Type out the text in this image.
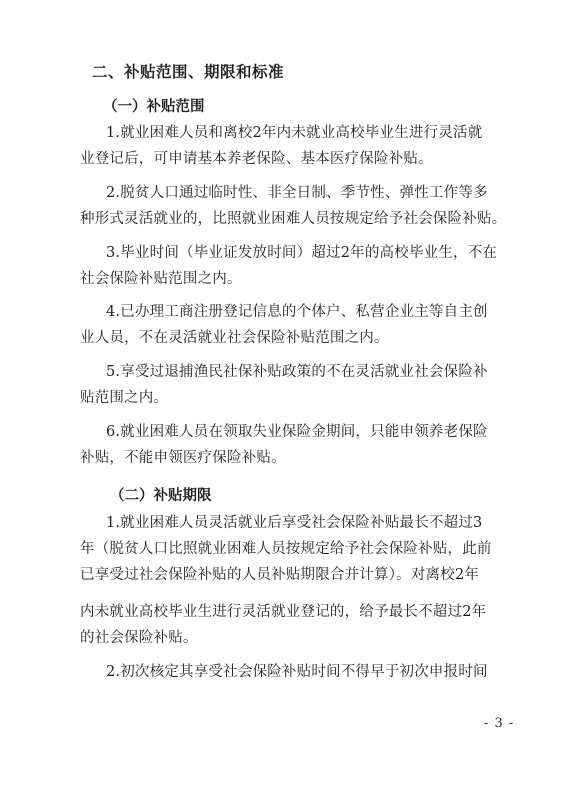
二、补贴范围、期限和标准
（一）补贴范围
1.就业困难人员和离校2年内未就业高校毕业生进行灵活就
业登记后，可申请基本养老保险、基本医疗保险补贴。
2.脱贫人口通过临时性、非全日制、季节性、弹性工作等多
种形式灵活就业的，比照就业困难人员按规定给予社会保险补贴。
3.毕业时间（毕业证发放时间）超过2年的高校毕业生，不在
社会保险补贴范围之内。
4.已办理工商注册登记信息的个体户、私营企业主等自主创
业人员，不在灵活就业社会保险补贴范围之内。
5.享受过退捕渔民社保补贴政策的不在灵活就业社会保险补
贴范围之内。
6.就业困难人员在领取失业保险金期间，只能申领养老保险
补贴，不能申领医疗保险补贴。
（二）补贴期限
1.就业困难人员灵活就业后享受社会保险补贴最长不超过3
年（脱贫人口比照就业困难人员按规定给予社会保险补贴，此前
已享受过社会保险补贴的人员补贴期限合并计算）。对离校2年
内未就业高校毕业生进行灵活就业登记的，给予最长不超过2年
的社会保险补贴。
2.初次核定其享受社会保险补贴时间不得早于初次申报时间
- 3 -
